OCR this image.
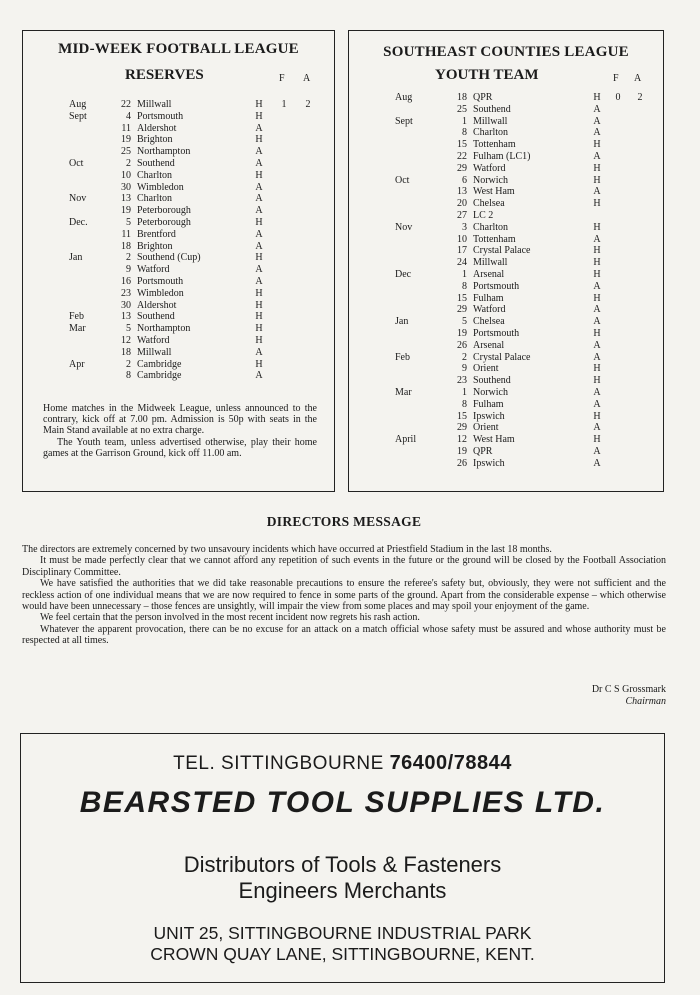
MID-WEEK FOOTBALL LEAGUE
RESERVES	F A
Aug	22 Millwall	H 1 2
Sept	4 Portsmouth	H
11 Aldershot	A
19 Brighton	H
25 Northampton	A
Oct	2 Southend	A
10 Charlton	H
30 Wimbledon	A
Nov	13 Charlton	A
19 Peterborough	A
Dec.	5 Peterborough	H
11 Brentford	A
18 Brighton	A
Jan	2 Southend (Cup)	H
9 Watford	A
16 Portsmouth	A
23 Wimbledon	H
30 Aldershot	H
Feb	13 Southend	H
Mar	5 Northampton	H
12 Watford	H
18 Millwall	A
Apr	2 Cambridge	H
8 Cambridge	A

Home matches in the Midweek League, unless announced to the contrary, kick off at 7.00 pm. Admission is 50p with seats in the Main Stand available at no extra charge.

The Youth team, unless advertised otherwise, play their home games at the Garrison Ground, kick off 11.00 am.

SOUTHEAST COUNTIES LEAGUE
YOUTH TEAM	F A
Aug	18 QPR	H 0 2
25 Southend	A
Sept	1 Millwall	A
8 Charlton	A
15 Tottenham	H
22 Fulham (LC1)	A
29 Watford	H
Oct	6 Norwich	H
13 West Ham	A
20 Chelsea	H
27 LC 2
Nov	3 Charlton	H
10 Tottenham	A
17 Crystal Palace	H
24 Millwall	H
Dec	1 Arsenal	H
8 Portsmouth	A
15 Fulham	H
29 Watford	A
Jan	5 Chelsea	A
19 Portsmouth	H
26 Arsenal	A
Feb	2 Crystal Palace	A
9 Orient	H
23 Southend	H
Mar	1 Norwich	A
8 Fulham	A
15 Ipswich	H
29 Orient	A
April	12 West Ham	H
19 QPR	A
26 Ipswich	A
DIRECTORS MESSAGE

The directors are extremely concerned by two unsavoury incidents which have occurred at Priestfield Stadium in the last 18 months.

It must be made perfectly clear that we cannot afford any repetition of such events in the future or the ground will be closed by the Football Association Disciplinary Committee.

We have satisfied the authorities that we did take reasonable precautions to ensure the referee's safety but, obviously, they were not sufficient and the reckless action of one individual means that we are now required to fence in some parts of the ground. Apart from the considerable expense – which otherwise would have been unnecessary – those fences are unsightly, will impair the view from some places and may spoil your enjoyment of the game.

We feel certain that the person involved in the most recent incident now regrets his rash action.

Whatever the apparent provocation, there can be no excuse for an attack on a match official whose safety must be assured and whose authority must be respected at all times.

Dr C S Grossmark
Chairman
TEL. SITTINGBOURNE 76400/78844
BEARSTED TOOL SUPPLIES LTD.
Distributors of Tools & Fasteners
Engineers Merchants
UNIT 25, SITTINGBOURNE INDUSTRIAL PARK
CROWN QUAY LANE, SITTINGBOURNE, KENT.
